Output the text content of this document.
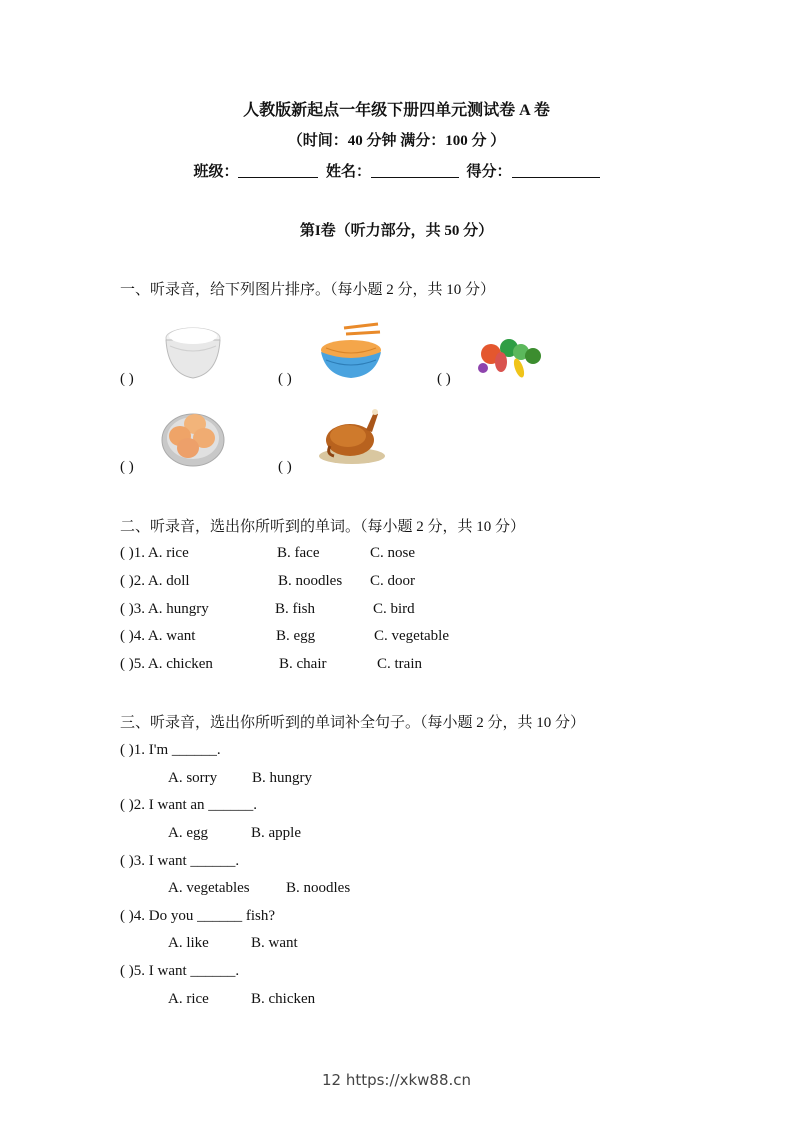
人教版新起点一年级下册四单元测试卷 A 卷
（时间：40 分钟 满分：100 分 ）
班级：	姓名：	得分：
第I卷（听力部分，共 50 分）
一、听录音，给下列图片排序。（每小题 2 分，共 10 分）
( )	( )	( )
( )	( )
二、听录音，选出你所听到的单词。（每小题 2 分，共 10 分）
( )1. A. rice	B. face	C. nose
( )2. A. doll	B. noodles C. door
( )3. A. hungry	B. fish	C. bird
( )4. A. want	B. egg	C. vegetable
( )5. A. chicken	B. chair	C. train
三、听录音，选出你所听到的单词补全句子。（每小题 2 分，共 10 分）
( )1. I'm ______.
A. sorry B. hungry
( )2. I want an ______.
A. egg	B. apple
( )3. I want ______.
A. vegetables B. noodles
( )4. Do you ______ fish?
A. like	B. want
( )5. I want ______.
A. rice	B. chicken
12 https://xkw88.cn
